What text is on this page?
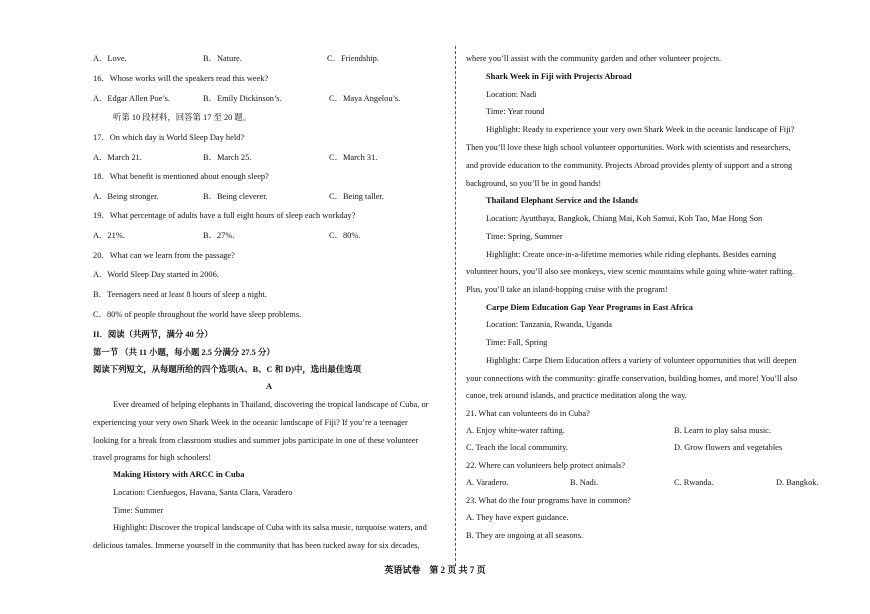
A．Love.	B．Nature.	C．Friendship.
16．Whose works will the speakers read this week?
A．Edgar Allen Poe’s.	B．Emily Dickinson’s.	C．Maya Angelou’s.
听第 10 段材料，回答第 17 至 20 题。
17．On which day is World Sleep Day held?
A．March 21.	B．March 25.	C．March 31.
18．What benefit is mentioned about enough sleep?
A．Being stronger.	B．Being cleverer.	C．Being taller.
19．What percentage of adults have a full eight hours of sleep each workday?
A．21%.	B．27%.	C．80%.
20．What can we learn from the passage?
A．World Sleep Day started in 2006.
B．Teenagers need at least 8 hours of sleep a night.
C．80% of people throughout the world have sleep problems.
II．阅读（共两节，满分 40 分）
第一节 （共 11 小题，每小题 2.5 分满分 27.5 分）
阅读下列短文，从每题所给的四个选项(A、B、C 和 D)中，选出最佳选项
A
Ever dreamed of helping elephants in Thailand, discovering the tropical landscape of Cuba, or
experiencing your very own Shark Week in the oceanic landscape of Fiji? If you’re a teenager
looking for a break from classroom studies and summer jobs participate in one of these volunteer
travel programs for high schoolers!
Making History with ARCC in Cuba
Location: Cienfuegos, Havana, Santa Clara, Varadero
Time: Summer
Highlight: Discover the tropical landscape of Cuba with its salsa music, turquoise waters, and
delicious tamales. Immerse yourself in the community that has been tucked away for six decades,
where you’ll assist with the community garden and other volunteer projects.
Shark Week in Fiji with Projects Abroad
Location: Nadi
Time: Year round
Highlight: Ready to experience your very own Shark Week in the oceanic landscape of Fiji?
Then you’ll love these high school volunteer opportunities. Work with scientists and researchers,
and provide education to the community. Projects Abroad provides plenty of support and a strong
background, so you’ll be in good hands!
Thailand Elephant Service and the Islands
Location: Ayutthaya, Bangkok, Chiang Mai, Koh Samui, Koh Tao, Mae Hong Son
Time: Spring, Summer
Highlight: Create once-in-a-lifetime memories while riding elephants. Besides earning
volunteer hours, you’ll also see monkeys, view scenic mountains while going white-water rafting.
Plus, you’ll take an island-hopping cruise with the program!
Carpe Diem Education Gap Year Programs in East Africa
Location: Tanzania, Rwanda, Uganda
Time: Fall, Spring
Highlight: Carpe Diem Education offers a variety of volunteer opportunities that will deepen
your connections with the community: giraffe conservation, building homes, and more! You’ll also
canoe, trek around islands, and practice meditation along the way.
21. What can volunteers do in Cuba?
A. Enjoy white-water rafting.	B. Learn to play salsa music.
C. Teach the local community.	D. Grow flowers and vegetables
22. Where can volunteers help protect animals?
A. Varadero.	B. Nadi.	C. Rwanda.	D. Bangkok.
23. What do the four programs have in common?
A. They have expert guidance.
B. They are ongoing at all seasons.
英语试卷　第 2 页 共 7 页
